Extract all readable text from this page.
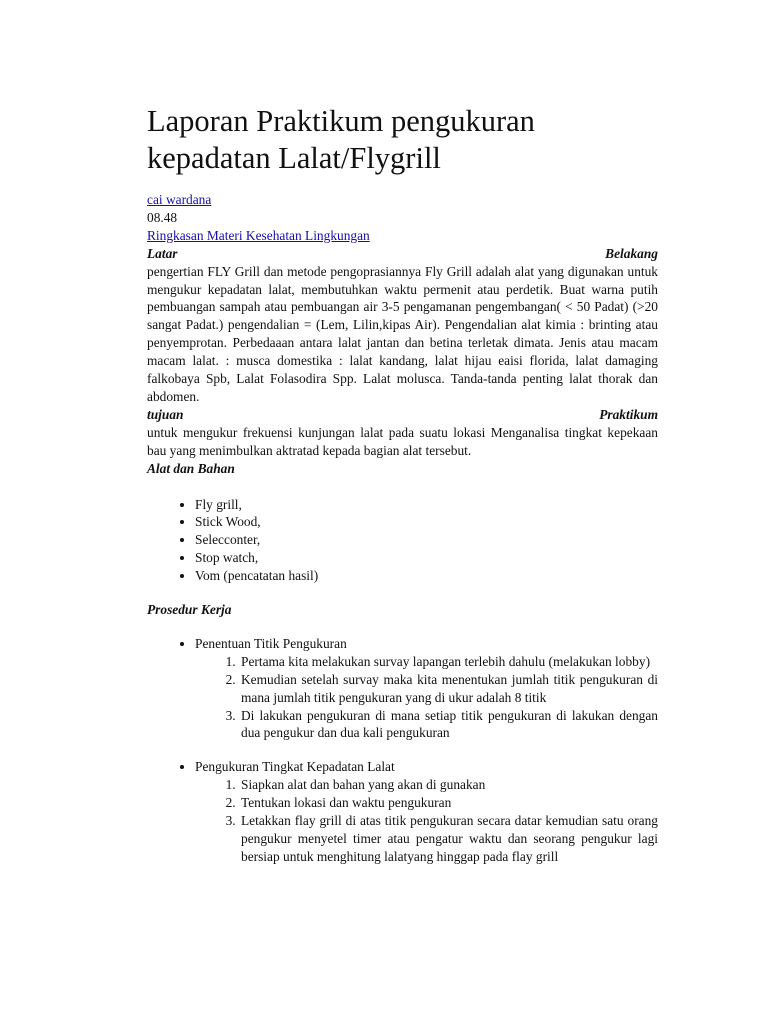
Laporan Praktikum pengukuran kepadatan Lalat/Flygrill
cai wardana
08.48
Ringkasan Materi Kesehatan Lingkungan
Latar	Belakang

pengertian FLY Grill dan metode pengoprasiannya Fly Grill adalah alat yang digunakan untuk mengukur kepadatan lalat, membutuhkan waktu permenit atau perdetik. Buat warna putih pembuangan sampah atau pembuangan air 3-5 pengamanan pengembangan( < 50 Padat) (>20 sangat Padat.) pengendalian = (Lem, Lilin,kipas Air). Pengendalian alat kimia : brinting atau penyemprotan. Perbedaaan antara lalat jantan dan betina terletak dimata. Jenis atau macam macam lalat. : musca domestika : lalat kandang, lalat hijau eaisi florida, lalat damaging falkobaya Spb, Lalat Folasodira Spp. Lalat molusca. Tanda-tanda penting lalat thorak dan abdomen.

tujuan	Praktikum

untuk mengukur frekuensi kunjungan lalat pada suatu lokasi Menganalisa tingkat kepekaan bau yang menimbulkan aktratad kepada bagian alat tersebut.

Alat dan Bahan

• Fly grill,
• Stick Wood,
• Selecconter,
• Stop watch,
• Vom (pencatatan hasil)

Prosedur Kerja

• Penentuan Titik Pengukuran
1. Pertama kita melakukan survay lapangan terlebih dahulu (melakukan lobby)
2. Kemudian setelah survay maka kita menentukan jumlah titik pengukuran di mana jumlah titik pengukuran yang di ukur adalah 8 titik
3. Di lakukan pengukuran di mana setiap titik pengukuran di lakukan dengan dua pengukur dan dua kali pengukuran
• Pengukuran Tingkat Kepadatan Lalat
1. Siapkan alat dan bahan yang akan di gunakan
2. Tentukan lokasi dan waktu pengukuran
3. Letakkan flay grill di atas titik pengukuran secara datar kemudian satu orang pengukur menyetel timer atau pengatur waktu dan seorang pengukur lagi bersiap untuk menghitung lalatyang hinggap pada flay grill
